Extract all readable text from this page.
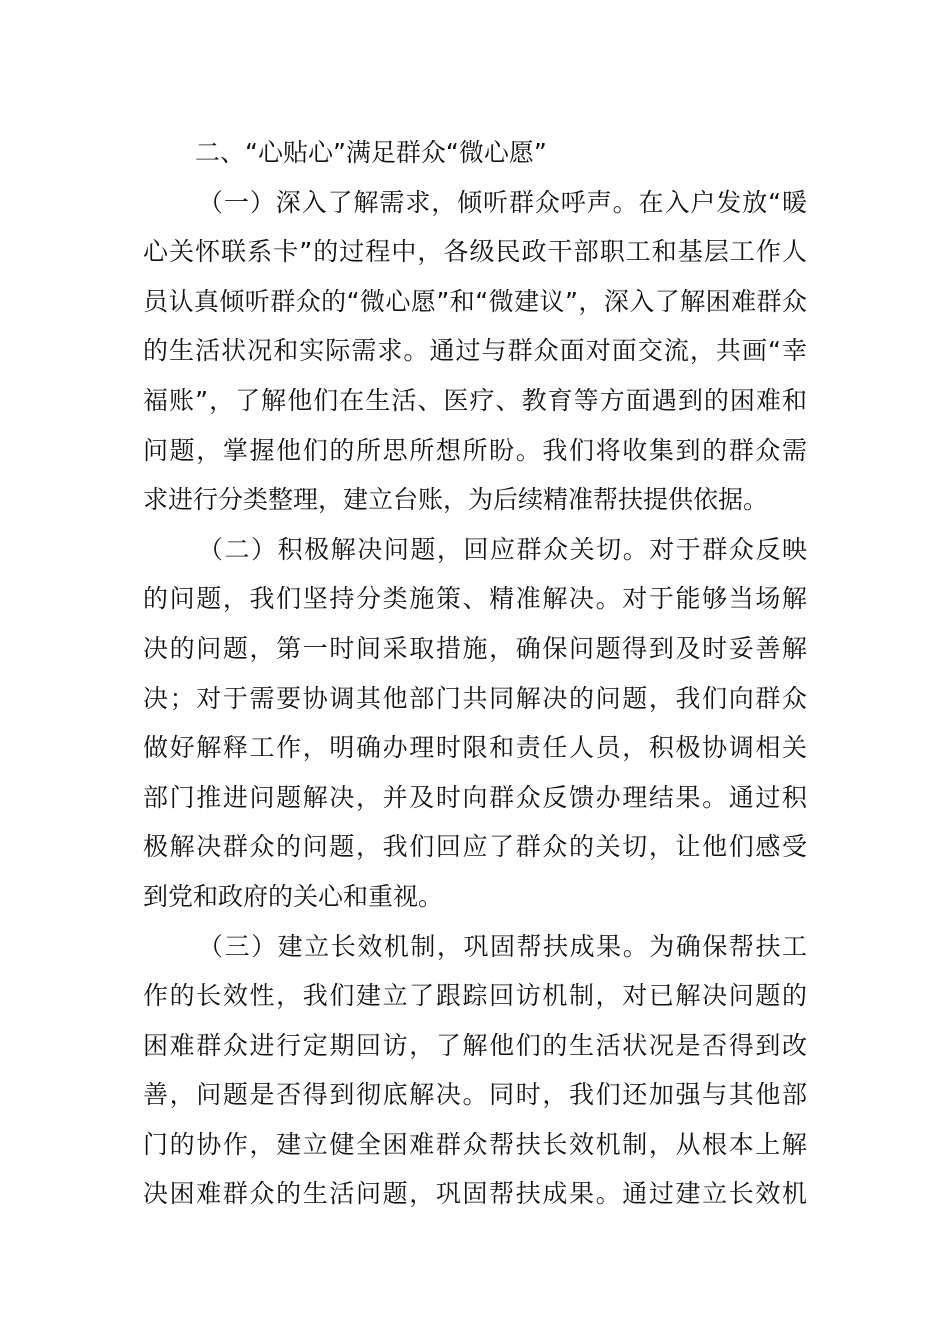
二、“心贴心”满足群众“微心愿”
（一）深入了解需求，倾听群众呼声。在入户发放“暖
心关怀联系卡”的过程中，各级民政干部职工和基层工作人
员认真倾听群众的“微心愿”和“微建议”，深入了解困难群众
的生活状况和实际需求。通过与群众面对面交流，共画“幸
福账”，了解他们在生活、医疗、教育等方面遇到的困难和
问题，掌握他们的所思所想所盼。我们将收集到的群众需
求进行分类整理，建立台账，为后续精准帮扶提供依据。
（二）积极解决问题，回应群众关切。对于群众反映
的问题，我们坚持分类施策、精准解决。对于能够当场解
决的问题，第一时间采取措施，确保问题得到及时妥善解
决；对于需要协调其他部门共同解决的问题，我们向群众
做好解释工作，明确办理时限和责任人员，积极协调相关
部门推进问题解决，并及时向群众反馈办理结果。通过积
极解决群众的问题，我们回应了群众的关切，让他们感受
到党和政府的关心和重视。
（三）建立长效机制，巩固帮扶成果。为确保帮扶工
作的长效性，我们建立了跟踪回访机制，对已解决问题的
困难群众进行定期回访，了解他们的生活状况是否得到改
善，问题是否得到彻底解决。同时，我们还加强与其他部
门的协作，建立健全困难群众帮扶长效机制，从根本上解
决困难群众的生活问题，巩固帮扶成果。通过建立长效机
